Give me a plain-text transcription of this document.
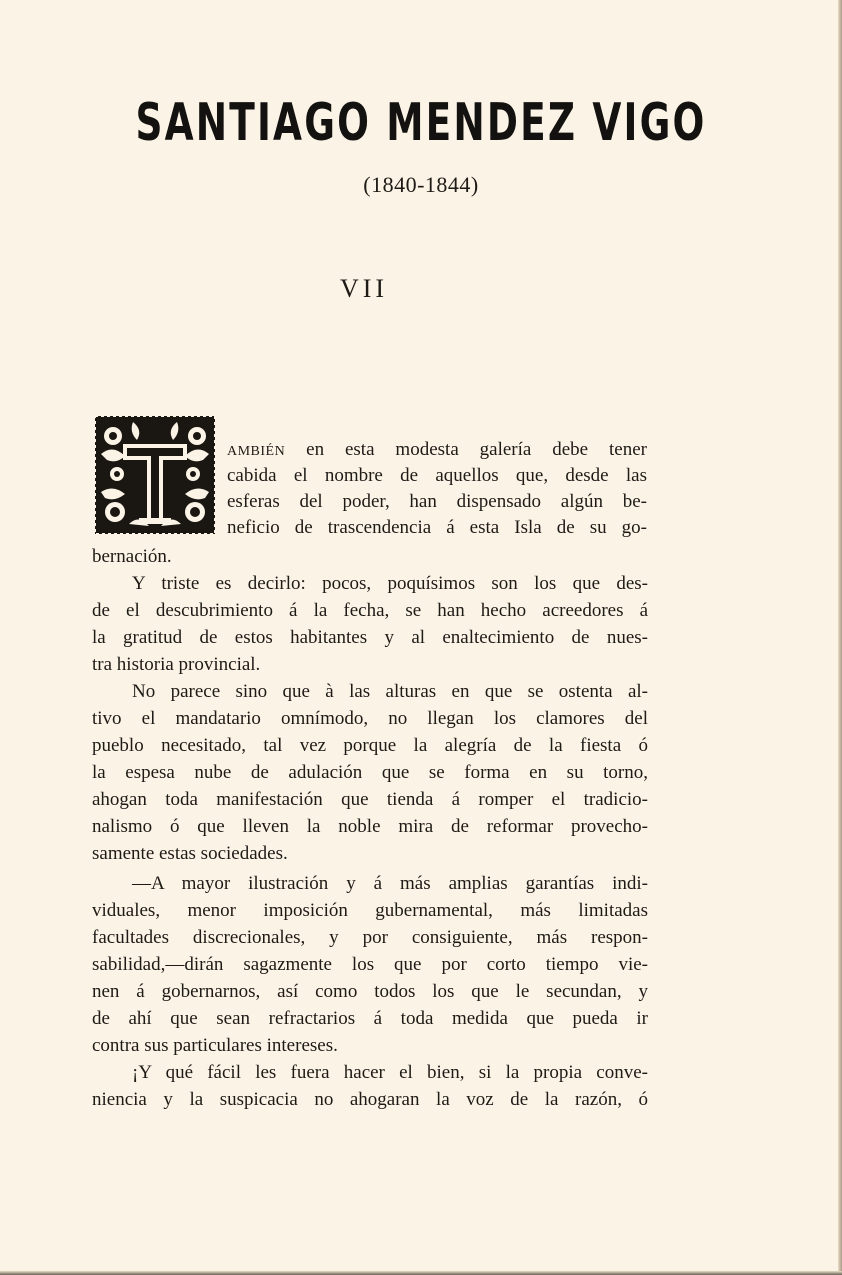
SANTIAGO MENDEZ VIGO
(1840-1844)
VII
AMBIÉN en esta modesta galería debe tener
cabida el nombre de aquellos que, desde las
esferas del poder, han dispensado algún be-
neficio de trascendencia á esta Isla de su go-
bernación.
Y triste es decirlo: pocos, poquísimos son los que des-
de el descubrimiento á la fecha, se han hecho acreedores á
la gratitud de estos habitantes y al enaltecimiento de nues-
tra historia provincial.
No parece sino que à las alturas en que se ostenta al-
tivo el mandatario omnímodo, no llegan los clamores del
pueblo necesitado, tal vez porque la alegría de la fiesta ó
la espesa nube de adulación que se forma en su torno,
ahogan toda manifestación que tienda á romper el tradicio-
nalismo ó que lleven la noble mira de reformar provecho-
samente estas sociedades.
—A mayor ilustración y á más amplias garantías indi-
viduales, menor imposición gubernamental, más limitadas
facultades discrecionales, y por consiguiente, más respon-
sabilidad,—dirán sagazmente los que por corto tiempo vie-
nen á gobernarnos, así como todos los que le secundan, y
de ahí que sean refractarios á toda medida que pueda ir
contra sus particulares intereses.
¡Y qué fácil les fuera hacer el bien, si la propia conve-
niencia y la suspicacia no ahogaran la voz de la razón, ó
